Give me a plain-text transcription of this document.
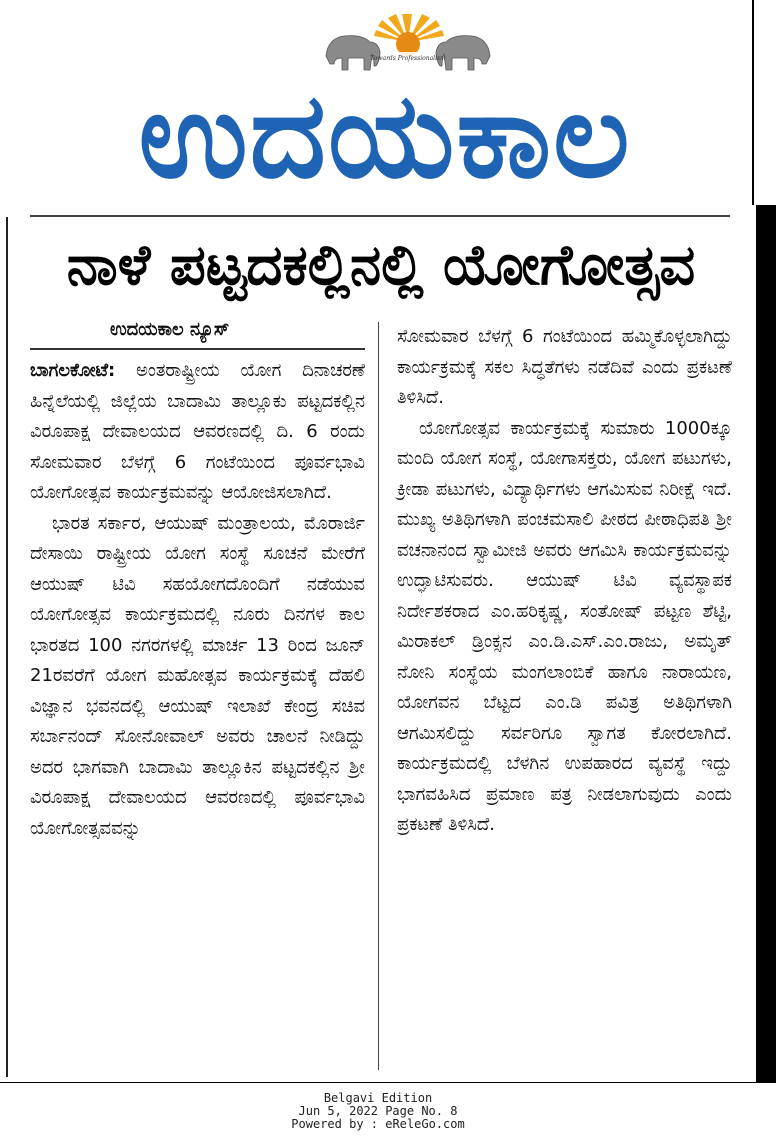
Towards Professionalism
ಉದಯಕಾಲ
ನಾಳೆ ಪಟ್ಟದಕಲ್ಲಿನಲ್ಲಿ ಯೋಗೋತ್ಸವ
ಉದಯಕಾಲ ನ್ಯೂಸ್

ಬಾಗಲಕೋಟೆ: ಅಂತರಾಷ್ಟ್ರೀಯ ಯೋಗ ದಿನಾಚರಣೆ ಹಿನ್ನೆಲೆಯಲ್ಲಿ ಜಿಲ್ಲೆಯ ಬಾದಾಮಿ ತಾಲ್ಲೂಕು ಪಟ್ಟದಕಲ್ಲಿನ ವಿರೂಪಾಕ್ಷ ದೇವಾಲಯದ ಆವರಣದಲ್ಲಿ ದಿ. 6 ರಂದು ಸೋಮವಾರ ಬೆಳಗ್ಗೆ 6 ಗಂಟೆಯಿಂದ ಪೂರ್ವಭಾವಿ ಯೋಗೋತ್ಸವ ಕಾರ್ಯಕ್ರಮವನ್ನು ಆಯೋಜಿಸಲಾಗಿದೆ.

ಭಾರತ ಸರ್ಕಾರ, ಆಯುಷ್ ಮಂತ್ರಾಲಯ, ಮೊರಾರ್ಜಿ ದೇಸಾಯಿ ರಾಷ್ಟ್ರೀಯ ಯೋಗ ಸಂಸ್ಥೆ ಸೂಚನೆ ಮೇರೆಗೆ ಆಯುಷ್ ಟಿವಿ ಸಹಯೋಗದೊಂದಿಗೆ ನಡೆಯುವ ಯೋಗೋತ್ಸವ ಕಾರ್ಯಕ್ರಮದಲ್ಲಿ ನೂರು ದಿನಗಳ ಕಾಲ ಭಾರತದ 100 ನಗರಗಳಲ್ಲಿ ಮಾರ್ಚ 13 ರಿಂದ ಜೂನ್ 21ರವರೆಗೆ ಯೋಗ ಮಹೋತ್ಸವ ಕಾರ್ಯಕ್ರಮಕ್ಕೆ ದೆಹಲಿ ವಿಜ್ಞಾನ ಭವನದಲ್ಲಿ ಆಯುಷ್ ಇಲಾಖೆ ಕೇಂದ್ರ ಸಚಿವ ಸರ್ಬಾನಂದ್ ಸೋನೋವಾಲ್ ಅವರು ಚಾಲನೆ ನೀಡಿದ್ದು ಅದರ ಭಾಗವಾಗಿ ಬಾದಾಮಿ ತಾಲ್ಲೂಕಿನ ಪಟ್ಟದಕಲ್ಲಿನ ಶ್ರೀ ವಿರೂಪಾಕ್ಷ ದೇವಾಲಯದ ಆವರಣದಲ್ಲಿ ಪೂರ್ವಭಾವಿ ಯೋಗೋತ್ಸವವನ್ನು

ಸೋಮವಾರ ಬೆಳಗ್ಗೆ 6 ಗಂಟೆಯಿಂದ ಹಮ್ಮಿಕೊಳ್ಳಲಾಗಿದ್ದು ಕಾರ್ಯಕ್ರಮಕ್ಕೆ ಸಕಲ ಸಿದ್ಧತೆಗಳು ನಡೆದಿವೆ ಎಂದು ಪ್ರಕಟಣೆ ತಿಳಿಸಿದೆ.

ಯೋಗೋತ್ಸವ ಕಾರ್ಯಕ್ರಮಕ್ಕೆ ಸುಮಾರು 1000ಕ್ಕೂ ಮಂದಿ ಯೋಗ ಸಂಸ್ಥೆ, ಯೋಗಾಸಕ್ತರು, ಯೋಗ ಪಟುಗಳು, ಕ್ರೀಡಾ ಪಟುಗಳು, ವಿದ್ಯಾರ್ಥಿಗಳು ಆಗಮಿಸುವ ನಿರೀಕ್ಷೆ ಇದೆ. ಮುಖ್ಯ ಅತಿಥಿಗಳಾಗಿ ಪಂಚಮಸಾಲಿ ಪೀಠದ ಪೀಠಾಧಿಪತಿ ಶ್ರೀ ವಚನಾನಂದ ಸ್ವಾಮೀಜಿ ಅವರು ಆಗಮಿಸಿ ಕಾರ್ಯಕ್ರಮವನ್ನು ಉದ್ಘಾಟಿಸುವರು. ಆಯುಷ್ ಟಿವಿ ವ್ಯವಸ್ಥಾಪಕ ನಿರ್ದೇಶಕರಾದ ಎಂ.ಹರಿಕೃಷ್ಣ, ಸಂತೋಷ್ ಪಟ್ಟಣ ಶೆಟ್ಟಿ, ಮಿರಾಕಲ್ ಡ್ರಿಂಕ್ಸನ ಎಂ.ಡಿ.ಎಸ್.ಎಂ.ರಾಜು, ಅಮೃತ್ ನೋನಿ ಸಂಸ್ಥೆಯ ಮಂಗಲಾಂಬಿಕೆ ಹಾಗೂ ನಾರಾಯಣ, ಯೋಗವನ ಬೆಟ್ಟದ ಎಂ.ಡಿ ಪವಿತ್ರ ಅತಿಥಿಗಳಾಗಿ ಆಗಮಿಸಲಿದ್ದು ಸರ್ವರಿಗೂ ಸ್ವಾಗತ ಕೋರಲಾಗಿದೆ. ಕಾರ್ಯಕ್ರಮದಲ್ಲಿ ಬೆಳಗಿನ ಉಪಹಾರದ ವ್ಯವಸ್ಥೆ ಇದ್ದು ಭಾಗವಹಿಸಿದ ಪ್ರಮಾಣ ಪತ್ರ ನೀಡಲಾಗುವುದು ಎಂದು ಪ್ರಕಟಣೆ ತಿಳಿಸಿದೆ.

Belgavi Edition
Jun 5, 2022 Page No. 8
Powered by : eReleGo.com
